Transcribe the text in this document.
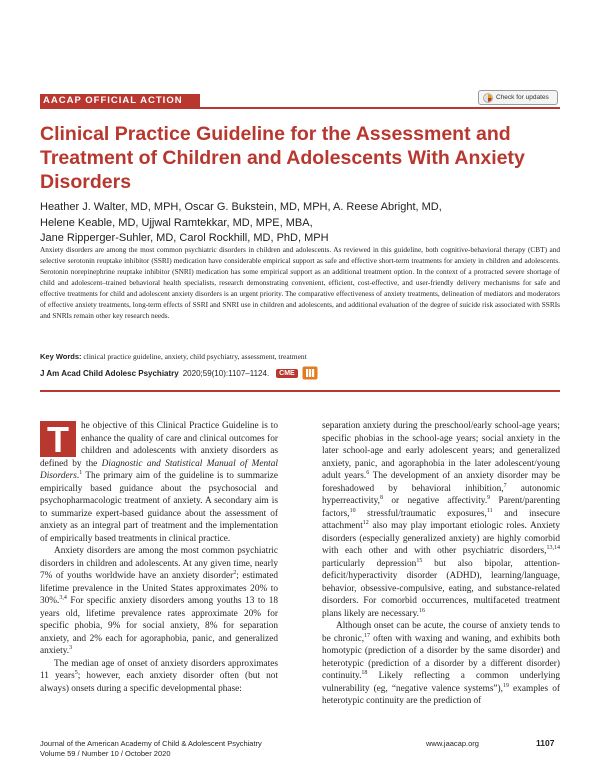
AACAP OFFICIAL ACTION	Check for updates
Clinical Practice Guideline for the Assessment and Treatment of Children and Adolescents With Anxiety Disorders
Heather J. Walter, MD, MPH, Oscar G. Bukstein, MD, MPH, A. Reese Abright, MD,
Helene Keable, MD, Ujjwal Ramtekkar, MD, MPE, MBA,
Jane Ripperger-Suhler, MD, Carol Rockhill, MD, PhD, MPH

Anxiety disorders are among the most common psychiatric disorders in children and adolescents. As reviewed in this guideline, both cognitive-behavioral therapy (CBT) and selective serotonin reuptake inhibitor (SSRI) medication have considerable empirical support as safe and effective short-term treatments for anxiety in children and adolescents. Serotonin norepinephrine reuptake inhibitor (SNRI) medication has some empirical support as an additional treatment option. In the context of a protracted severe shortage of child and adolescent–trained behavioral health specialists, research demonstrating convenient, efficient, cost-effective, and user-friendly delivery mechanisms for safe and effective treatments for child and adolescent anxiety disorders is an urgent priority. The comparative effectiveness of anxiety treatments, delineation of mediators and moderators of effective anxiety treatments, long-term effects of SSRI and SNRI use in children and adolescents, and additional evaluation of the degree of suicide risk associated with SSRIs and SNRIs remain other key research needs.

Key Words: clinical practice guideline, anxiety, child psychiatry, assessment, treatment
J Am Acad Child Adolesc Psychiatry 2020;59(10):1107–1124.	CME
T	he objective of this Clinical Practice Guideline is to enhance the quality of care and clinical outcomes for children and adolescents with anxiety disorders as defined by the Diagnostic and Statistical Manual of Mental Disorders.$^1$ The primary aim of the guideline is to summarize empirically based guidance about the psychosocial and psychopharmacologic treatment of anxiety. A secondary aim is to summarize expert-based guidance about the assessment of anxiety as an integral part of treatment and the implementation of empirically based treatments in clinical practice.

Anxiety disorders are among the most common psychiatric disorders in children and adolescents. At any given time, nearly 7% of youths worldwide have an anxiety disorder$^2$; estimated lifetime prevalence in the United States approximates 20% to 30%.$^{3,4}$ For specific anxiety disorders among youths 13 to 18 years old, lifetime prevalence rates approximate 20% for specific phobia, 9% for social anxiety, 8% for separation anxiety, and 2% each for agoraphobia, panic, and generalized anxiety.$^3$

The median age of onset of anxiety disorders approximates 11 years$^5$; however, each anxiety disorder often (but not always) onsets during a specific developmental phase:

separation anxiety during the preschool/early school-age years; specific phobias in the school-age years; social anxiety in the later school-age and early adolescent years; and generalized anxiety, panic, and agoraphobia in the later adolescent/young adult years.$^6$ The development of an anxiety disorder may be foreshadowed by behavioral inhibition,$^7$ autonomic hyperreactivity,$^8$ or negative affectivity.$^9$ Parent/parenting factors,$^{10}$ stressful/traumatic exposures,$^{11}$ and insecure attachment$^{12}$ also may play important etiologic roles. Anxiety disorders (especially generalized anxiety) are highly comorbid with each other and with other psychiatric disorders,$^{13,14}$ particularly depression$^{15}$ but also bipolar, attention-deficit/hyperactivity disorder (ADHD), learning/language, behavior, obsessive-compulsive, eating, and substance-related disorders. For comorbid occurrences, multifaceted treatment plans likely are necessary.$^{16}$

Although onset can be acute, the course of anxiety tends to be chronic,$^{17}$ often with waxing and waning, and exhibits both homotypic (prediction of a disorder by the same disorder) and heterotypic (prediction of a disorder by a different disorder) continuity.$^{18}$ Likely reflecting a common underlying vulnerability (eg, “negative valence systems”),$^{19}$ examples of heterotypic continuity are the prediction of

Journal of the American Academy of Child & Adolescent Psychiatry
Volume 59 / Number 10 / October 2020
www.jaacap.org	1107
